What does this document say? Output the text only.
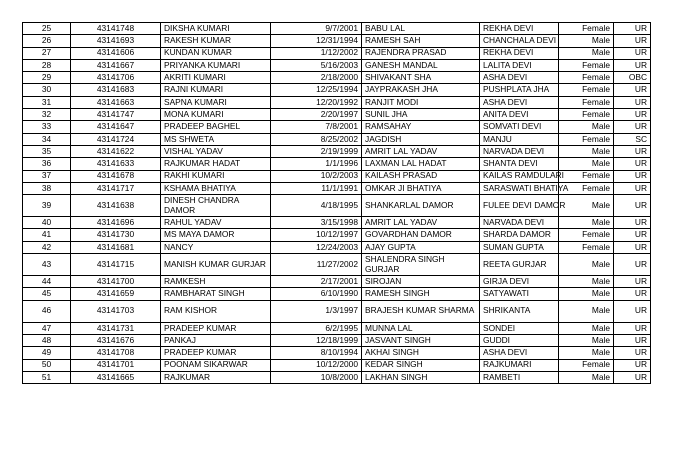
25	43141748	DIKSHA KUMARI	9/7/2001	BABU LAL	REKHA DEVI	Female	UR
26	43141693	RAKESH KUMAR	12/31/1994	RAMESH SAH	CHANCHALA DEVI	Male	UR
27	43141606	KUNDAN KUMAR	1/12/2002	RAJENDRA PRASAD	REKHA DEVI	Male	UR
28	43141667	PRIYANKA KUMARI	5/16/2003	GANESH MANDAL	LALITA DEVI	Female	UR
29	43141706	AKRITI KUMARI	2/18/2000	SHIVAKANT SHA	ASHA DEVI	Female	OBC
30	43141683	RAJNI KUMARI	12/25/1994	JAYPRAKASH JHA	PUSHPLATA JHA	Female	UR
31	43141663	SAPNA KUMARI	12/20/1992	RANJIT MODI	ASHA DEVI	Female	UR
32	43141747	MONA KUMARI	2/20/1997	SUNIL JHA	ANITA DEVI	Female	UR
33	43141647	PRADEEP BAGHEL	7/8/2001	RAMSAHAY	SOMVATI DEVI	Male	UR
34	43141724	MS SHWETA	8/25/2002	JAGDISH	MANJU	Female	SC
35	43141622	VISHAL YADAV	2/19/1999	AMRIT LAL YADAV	NARVADA DEVI	Male	UR
36	43141633	RAJKUMAR HADAT	1/1/1996	LAXMAN LAL HADAT	SHANTA DEVI	Male	UR
37	43141678	RAKHI KUMARI	10/2/2003	KAILASH PRASAD	KAILAS RAMDULARI	Female	UR
38	43141717	KSHAMA BHATIYA	11/1/1991	OMKAR JI BHATIYA	SARASWATI BHATIYA	Female	UR
39	43141638	DINESH CHANDRA DAMOR	4/18/1995	SHANKARLAL DAMOR	FULEE DEVI DAMOR	Male	UR
40	43141696	RAHUL YADAV	3/15/1998	AMRIT LAL YADAV	NARVADA DEVI	Male	UR
41	43141730	MS MAYA DAMOR	10/12/1997	GOVARDHAN DAMOR	SHARDA DAMOR	Female	UR
42	43141681	NANCY	12/24/2003	AJAY GUPTA	SUMAN GUPTA	Female	UR
43	43141715	MANISH KUMAR GURJAR	11/27/2002	SHALENDRA SINGH GURJAR	REETA GURJAR	Male	UR
44	43141700	RAMKESH	2/17/2001	SIROJAN	GIRJA DEVI	Male	UR
45	43141659	RAMBHARAT SINGH	6/10/1990	RAMESH SINGH	SATYAWATI	Male	UR
46	43141703	RAM KISHOR	1/3/1997	BRAJESH KUMAR SHARMA	SHRIKANTA	Male	UR
47	43141731	PRADEEP KUMAR	6/2/1995	MUNNA LAL	SONDEI	Male	UR
48	43141676	PANKAJ	12/18/1999	JASVANT SINGH	GUDDI	Male	UR
49	43141708	PRADEEP KUMAR	8/10/1994	AKHAI SINGH	ASHA DEVI	Male	UR
50	43141701	POONAM SIKARWAR	10/12/2000	KEDAR SINGH	RAJKUMARI	Female	UR
51	43141665	RAJKUMAR	10/8/2000	LAKHAN SINGH	RAMBETI	Male	UR
